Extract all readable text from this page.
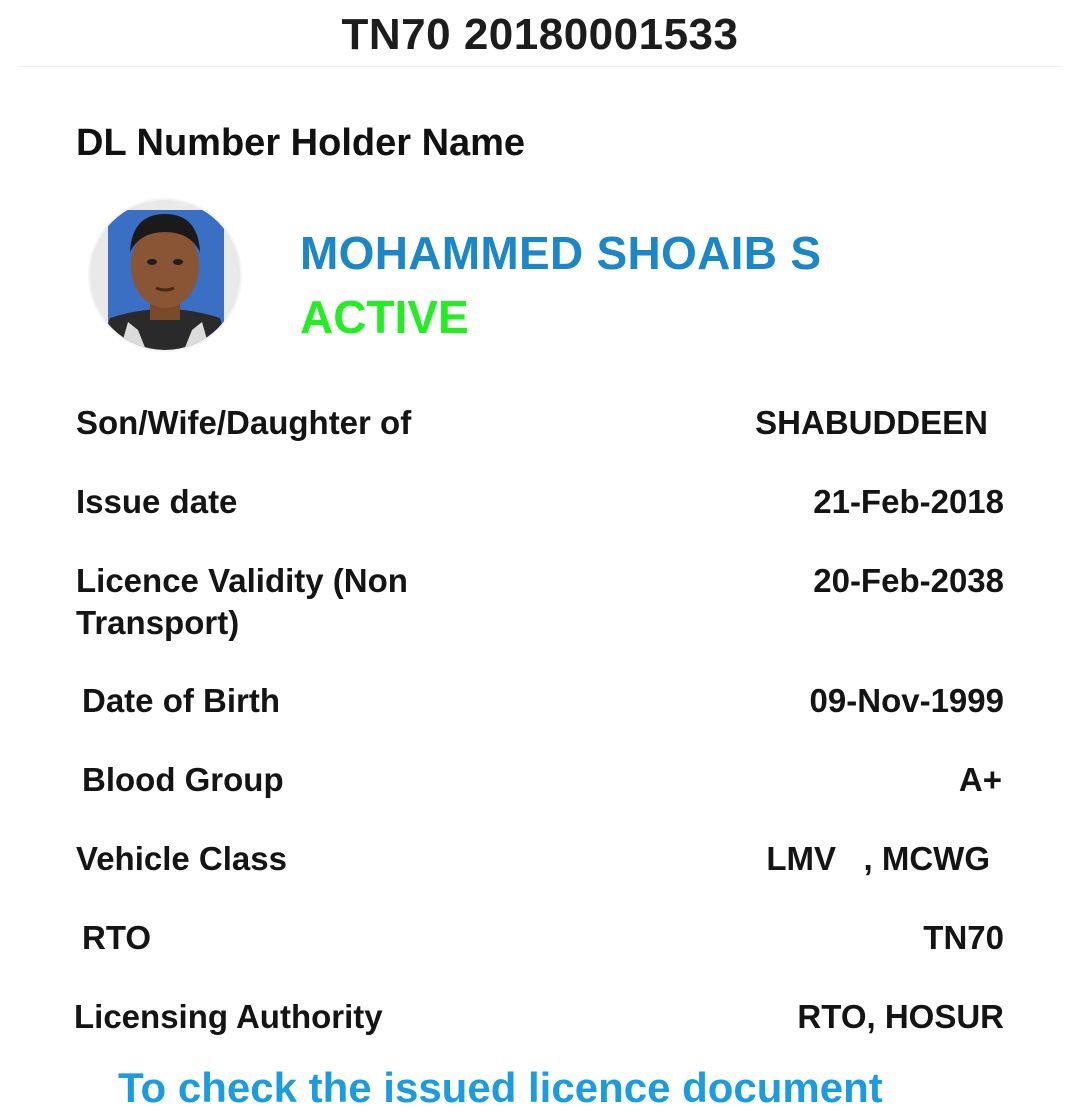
TN70 20180001533
DL Number Holder Name
MOHAMMED SHOAIB S
ACTIVE
Son/Wife/Daughter of	SHABUDDEEN
Issue date	21-Feb-2018
Licence Validity (Non Transport)
20-Feb-2038
Date of Birth	09-Nov-1999
Blood Group	A+
Vehicle Class	LMV   , MCWG
RTO	TN70
Licensing Authority	RTO, HOSUR
To check the issued licence document
